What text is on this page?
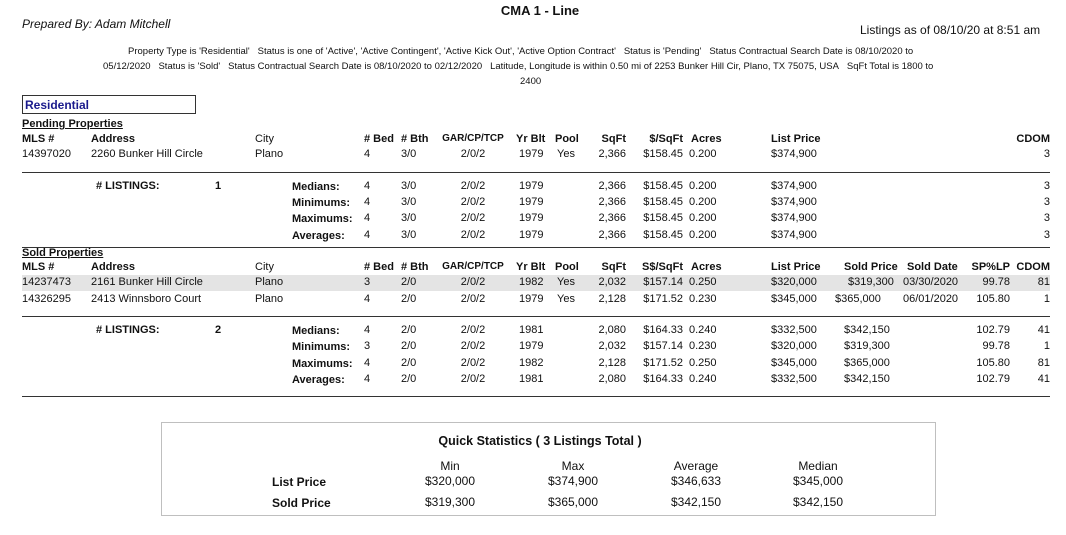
CMA 1 - Line
Prepared By: Adam Mitchell	Listings as of 08/10/20 at 8:51 am
Property Type is 'Residential' Status is one of 'Active', 'Active Contingent', 'Active Kick Out', 'Active Option Contract' Status is 'Pending' Status Contractual Search Date is 08/10/2020 to
05/12/2020 Status is 'Sold' Status Contractual Search Date is 08/10/2020 to 02/12/2020 Latitude, Longitude is within 0.50 mi of 2253 Bunker Hill Cir, Plano, TX 75075, USA SqFt Total is 1800 to
2400
Residential
Pending Properties
MLS #	Address	City	# Bed # Bth	GAR/CP/TCP	Yr Blt Pool	SqFt	$/SqFt Acres	List Price	CDOM
14397020 2260 Bunker Hill Circle	Plano	4	3/0	2/0/2	1979 Yes	2,366	$158.45 0.200	$374,900	3
# LISTINGS:	1	Medians: 4	3/0	2/0/2	1979	2,366	$158.45 0.200	$374,900	3
Minimums: 4	3/0	2/0/2	1979	2,366	$158.45 0.200	$374,900	3
Maximums: 4	3/0	2/0/2	1979	2,366	$158.45 0.200	$374,900	3
Averages: 4	3/0	2/0/2	1979	2,366	$158.45 0.200	$374,900	3
Sold Properties
MLS #	Address	City	# Bed # Bth	GAR/CP/TCP	Yr Blt Pool	SqFt	S$/SqFt Acres	List Price Sold Price Sold Date SP%LP CDOM
14237473 2161 Bunker Hill Circle	Plano	3	2/0	2/0/2	1982 Yes	2,032	$157.14 0.250	$320,000	$319,300 03/30/2020	99.78	81
14326295 2413 Winnsboro Court	Plano	4	2/0	2/0/2	1979 Yes	2,128	$171.52 0.230	$345,000 $365,000 06/01/2020	105.80	1
# LISTINGS:	2	Medians: 4	2/0	2/0/2	1981	2,080	$164.33 0.240	$332,500 $342,150	102.79	41
Minimums: 3	2/0	2/0/2	1979	2,032	$157.14 0.230	$320,000 $319,300	99.78	1
Maximums: 4	2/0	2/0/2	1982	2,128	$171.52 0.250	$345,000 $365,000	105.80	81
Averages: 4	2/0	2/0/2	1981	2,080	$164.33 0.240	$332,500 $342,150	102.79	41
Quick Statistics ( 3 Listings Total )
Min	Max	Average	Median
List Price	$320,000	$374,900	$346,633	$345,000
Sold Price	$319,300	$365,000	$342,150	$342,150
